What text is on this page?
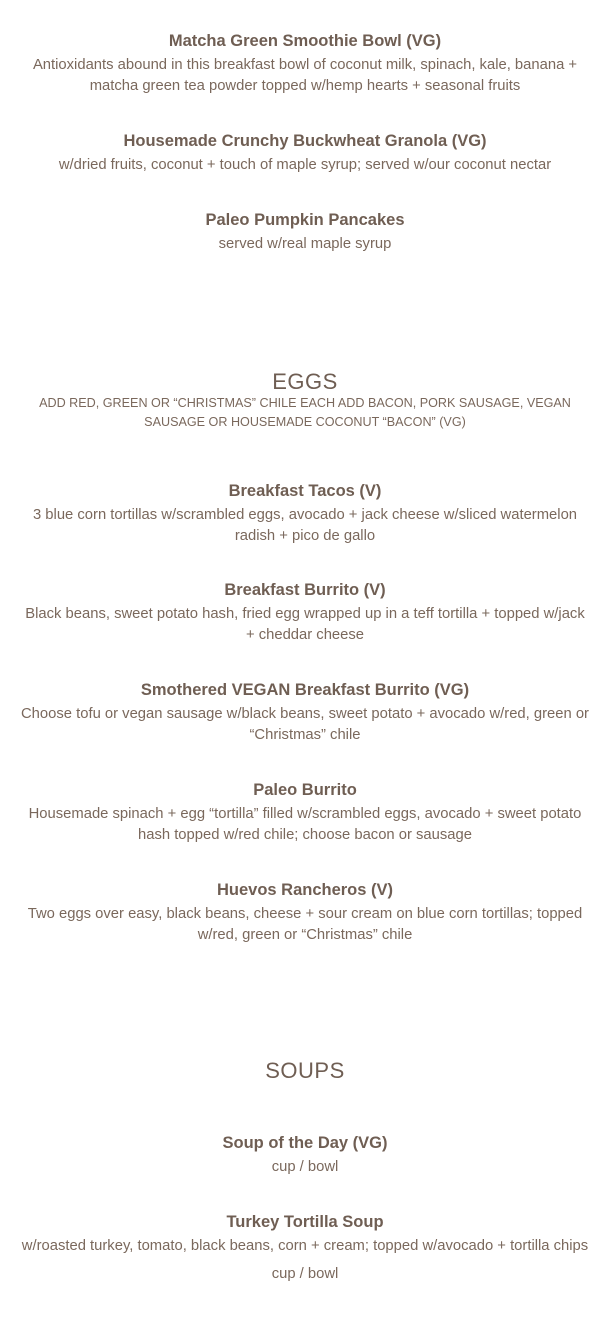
Matcha Green Smoothie Bowl (VG)
Antioxidants abound in this breakfast bowl of coconut milk, spinach, kale, banana + matcha green tea powder topped w/hemp hearts + seasonal fruits
Housemade Crunchy Buckwheat Granola (VG)
w/dried fruits, coconut + touch of maple syrup; served w/our coconut nectar
Paleo Pumpkin Pancakes
served w/real maple syrup
EGGS
ADD RED, GREEN OR “CHRISTMAS” CHILE EACH ADD BACON, PORK SAUSAGE, VEGAN SAUSAGE OR HOUSEMADE COCONUT “BACON” (VG)
Breakfast Tacos (V)
3 blue corn tortillas w/scrambled eggs, avocado + jack cheese w/sliced watermelon radish + pico de gallo
Breakfast Burrito (V)
Black beans, sweet potato hash, fried egg wrapped up in a teff tortilla + topped w/jack + cheddar cheese
Smothered VEGAN Breakfast Burrito (VG)
Choose tofu or vegan sausage w/black beans, sweet potato + avocado w/red, green or “Christmas” chile
Paleo Burrito
Housemade spinach + egg “tortilla” filled w/scrambled eggs, avocado + sweet potato hash topped w/red chile; choose bacon or sausage
Huevos Rancheros (V)
Two eggs over easy, black beans, cheese + sour cream on blue corn tortillas; topped w/red, green or “Christmas” chile
SOUPS
Soup of the Day (VG)
cup / bowl
Turkey Tortilla Soup
w/roasted turkey, tomato, black beans, corn + cream; topped w/avocado + tortilla chips
cup / bowl
